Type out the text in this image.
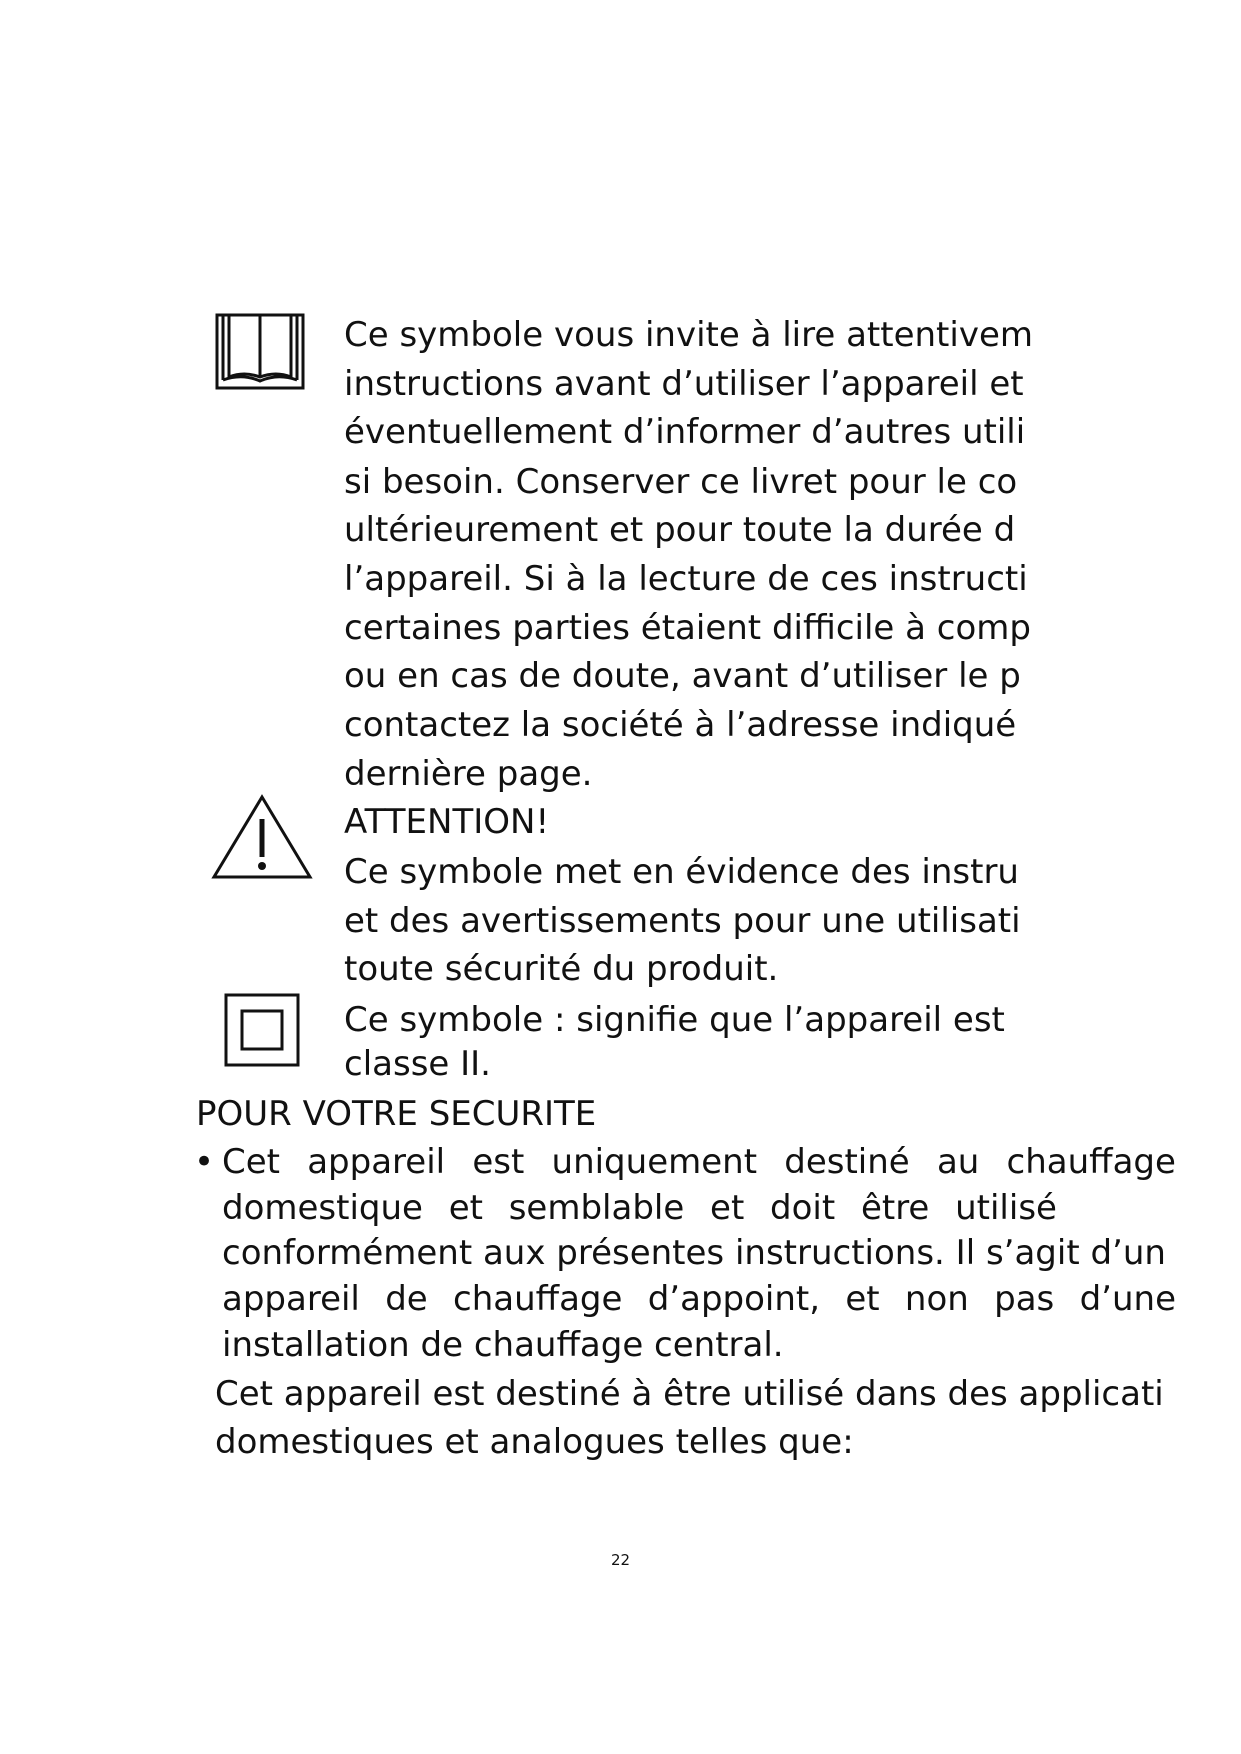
Ce symbole vous invite à lire attentivem
instructions avant d’utiliser l’appareil et
éventuellement d’informer d’autres utili
si besoin. Conserver ce livret pour le co
ultérieurement et pour toute la durée d
l’appareil. Si à la lecture de ces instructi
certaines parties étaient difficile à comp
ou en cas de doute, avant d’utiliser le p
contactez la société à l’adresse indiqué
dernière page.
ATTENTION!
Ce symbole met en évidence des instru
et des avertissements pour une utilisati
toute sécurité du produit.
Ce symbole : signifie que l’appareil est
classe II.
POUR VOTRE SECURITE
• Cet appareil est uniquement destiné au chauffage
domestique et semblable et doit être utilisé
conformément aux présentes instructions. Il s’agit d’un
appareil de chauffage d’appoint, et non pas d’une
installation de chauffage central.
Cet appareil est destiné à être utilisé dans des applicati
domestiques et analogues telles que:
22
